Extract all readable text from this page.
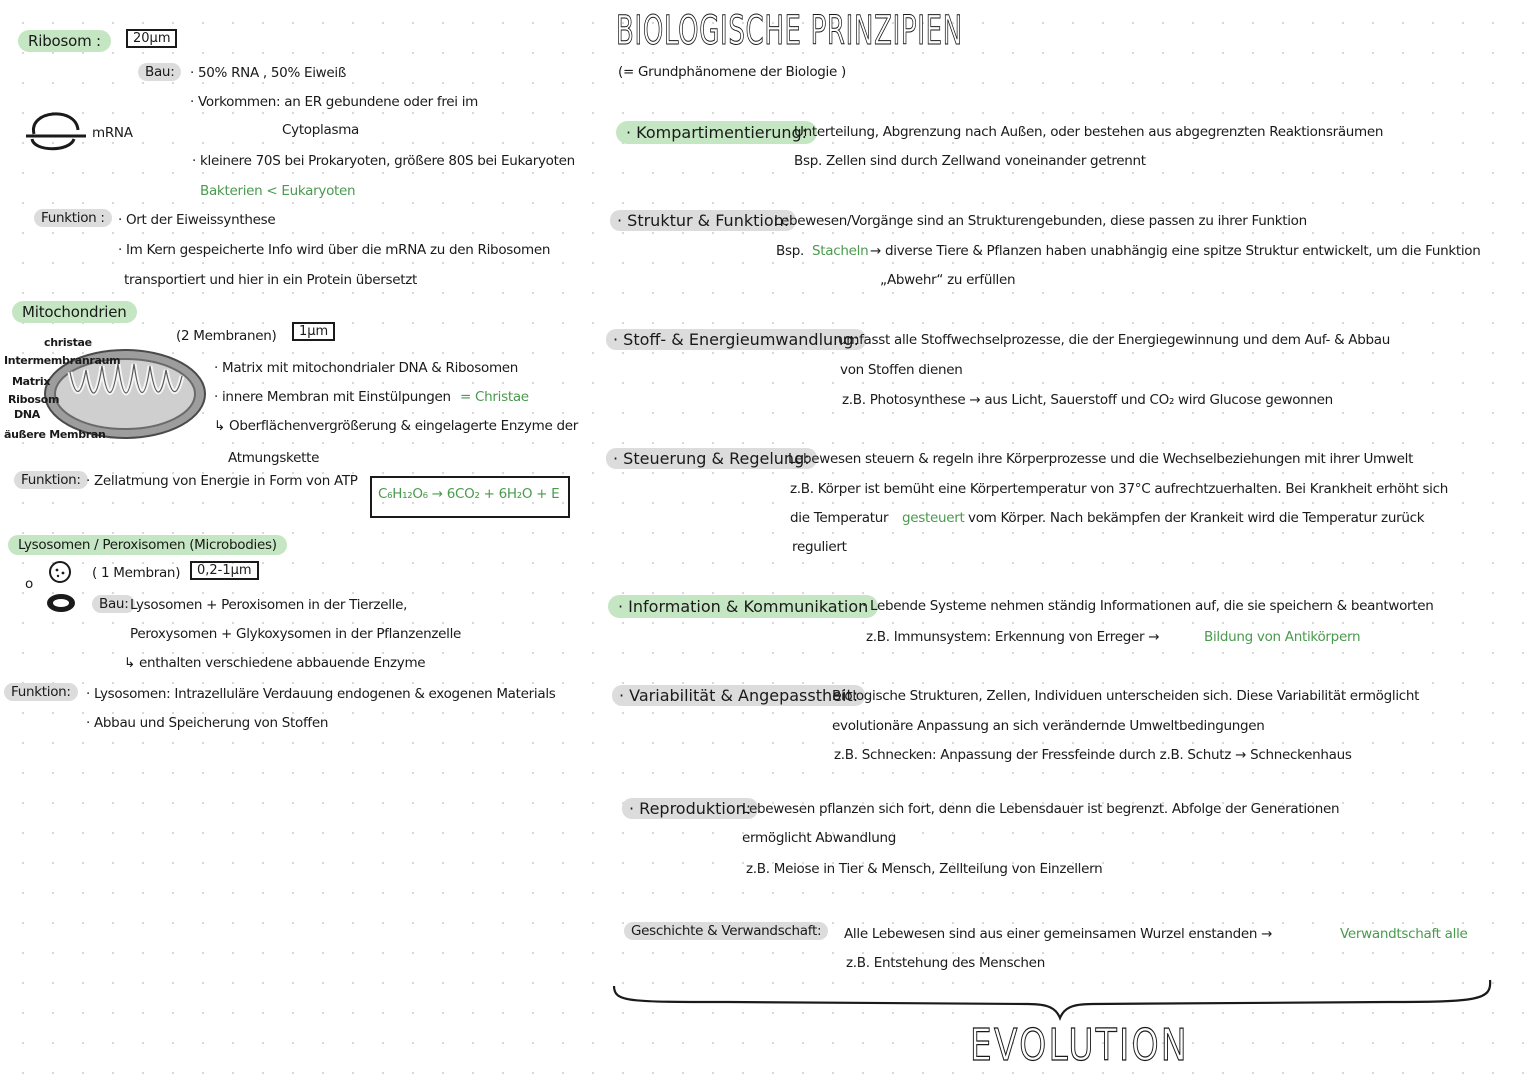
Ribosom :	20µm
Bau:	· 50% RNA , 50% Eiweiß
· Vorkommen: an ER gebundene oder frei im
Cytoplasma
· kleinere 70S bei Prokaryoten, größere 80S bei Eukaryoten
Bakterien < Eukaryoten
mRNA
Funktion : · Ort der Eiweissynthese
· Im Kern gespeicherte Info wird über die mRNA zu den Ribosomen
transportiert und hier in ein Protein übersetzt
Mitochondrien
(2 Membranen)	1µm
christae
Intermembranraum
Matrix
Ribosom
DNA
äußere Membran
· Matrix mit mitochondrialer DNA & Ribosomen
· innere Membran mit Einstülpungen = Christae
↳ Oberflächenvergrößerung & eingelagerte Enzyme der
Atmungskette
Funktion: · Zellatmung von Energie in Form von ATP
C₆H₁₂O₆ → 6CO₂ + 6H₂O + E
Lysosomen / Peroxisomen (Microbodies)
o
( 1 Membran)	0,2-1µm
Bau: Lysosomen + Peroxisomen in der Tierzelle,
Peroxysomen + Glykoxysomen in der Pflanzenzelle
↳ enthalten verschiedene abbauende Enzyme
Funktion:	· Lysosomen: Intrazelluläre Verdauung endogenen & exogenen Materials
· Abbau und Speicherung von Stoffen
BIOLOGISCHE PRINZIPIEN
(= Grundphänomene der Biologie )
· Kompartimentierung:
Unterteilung, Abgrenzung nach Außen, oder bestehen aus abgegrenzten Reaktionsräumen
Bsp. Zellen sind durch Zellwand voneinander getrennt
· Struktur & Funktion:
Lebewesen/Vorgänge sind an Strukturengebunden, diese passen zu ihrer Funktion
Bsp. Stacheln → diverse Tiere & Pflanzen haben unabhängig eine spitze Struktur entwickelt, um die Funktion
„Abwehr“ zu erfüllen
· Stoff- & Energieumwandlung:
umfasst alle Stoffwechselprozesse, die der Energiegewinnung und dem Auf- & Abbau
von Stoffen dienen
z.B. Photosynthese → aus Licht, Sauerstoff und CO₂ wird Glucose gewonnen
· Steuerung & Regelung:
Lebewesen steuern & regeln ihre Körperprozesse und die Wechselbeziehungen mit ihrer Umwelt
z.B. Körper ist bemüht eine Körpertemperatur von 37°C aufrechtzuerhalten. Bei Krankheit erhöht sich
die Temperatur gesteuert vom Körper. Nach bekämpfen der Krankeit wird die Temperatur zurück
reguliert
· Information & Kommunikation
· Lebende Systeme nehmen ständig Informationen auf, die sie speichern & beantworten
z.B. Immunsystem: Erkennung von Erreger →	Bildung von Antikörpern
· Variabilität & Angepasstheit:
Biologische Strukturen, Zellen, Individuen unterscheiden sich. Diese Variabilität ermöglicht
evolutionäre Anpassung an sich verändernde Umweltbedingungen
z.B. Schnecken: Anpassung der Fressfeinde durch z.B. Schutz → Schneckenhaus
· Reproduktion:
Lebewesen pflanzen sich fort, denn die Lebensdauer ist begrenzt. Abfolge der Generationen
ermöglicht Abwandlung
z.B. Meiose in Tier & Mensch, Zellteilung von Einzellern
Geschichte & Verwandschaft:	Alle Lebewesen sind aus einer gemeinsamen Wurzel enstanden →	Verwandtschaft alle
z.B. Entstehung des Menschen
EVOLUTION
